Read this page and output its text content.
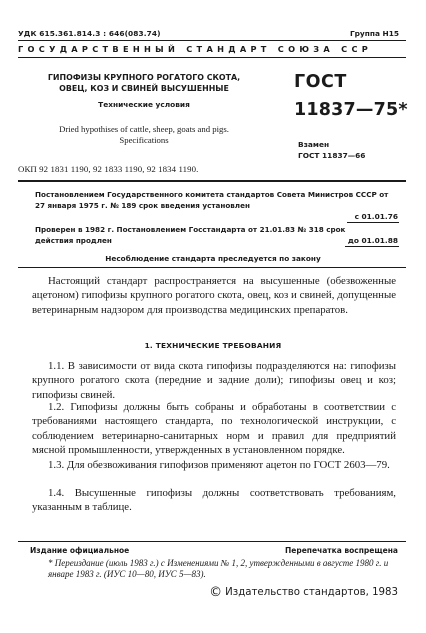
УДК 615.361.814.3 : 646(083.74)	Группа Н15
ГОСУДАРСТВЕННЫЙ СТАНДАРТ СОЮЗА ССР
ГИПОФИЗЫ КРУПНОГО РОГАТОГО СКОТА, ОВЕЦ, КОЗ И СВИНЕЙ ВЫСУШЕННЫЕ
Технические условия
Dried hypothises of cattle, sheep, goats and pigs. Specifications
ОКП 92 1831 1190, 92 1833 1190, 92 1834 1190.
ГОСТ
11837—75*
Взамен
ГОСТ 11837—66
Постановлением Государственного комитета стандартов Совета Министров СССР от 27 января 1975 г. № 189 срок введения установлен
с 01.01.76
Проверен в 1982 г. Постановлением Госстандарта от 21.01.83 № 318 срок действия продлен	до 01.01.88
Несоблюдение стандарта преследуется по закону
Настоящий стандарт распространяется на высушенные (обезвоженные ацетоном) гипофизы крупного рогатого скота, овец, коз и свиней, допущенные ветеринарным надзором для производства медицинских препаратов.
1. ТЕХНИЧЕСКИЕ ТРЕБОВАНИЯ
1.1. В зависимости от вида скота гипофизы подразделяются на: гипофизы крупного рогатого скота (передние и задние доли); гипофизы овец и коз; гипофизы свиней.
1.2. Гипофизы должны быть собраны и обработаны в соответствии с требованиями настоящего стандарта, по технологической инструкции, с соблюдением ветеринарно-санитарных норм и правил для предприятий мясной промышленности, утвержденных в установленном порядке.
1.3. Для обезвоживания гипофизов применяют ацетон по ГОСТ 2603—79.
1.4. Высушенные гипофизы должны соответствовать требованиям, указанным в таблице.
Издание официальное	Перепечатка воспрещена
* Переиздание (июль 1983 г.) с Изменениями № 1, 2, утвержденными в августе 1980 г. и январе 1983 г. (ИУС 10—80, ИУС 5—83).
© Издательство стандартов, 1983
